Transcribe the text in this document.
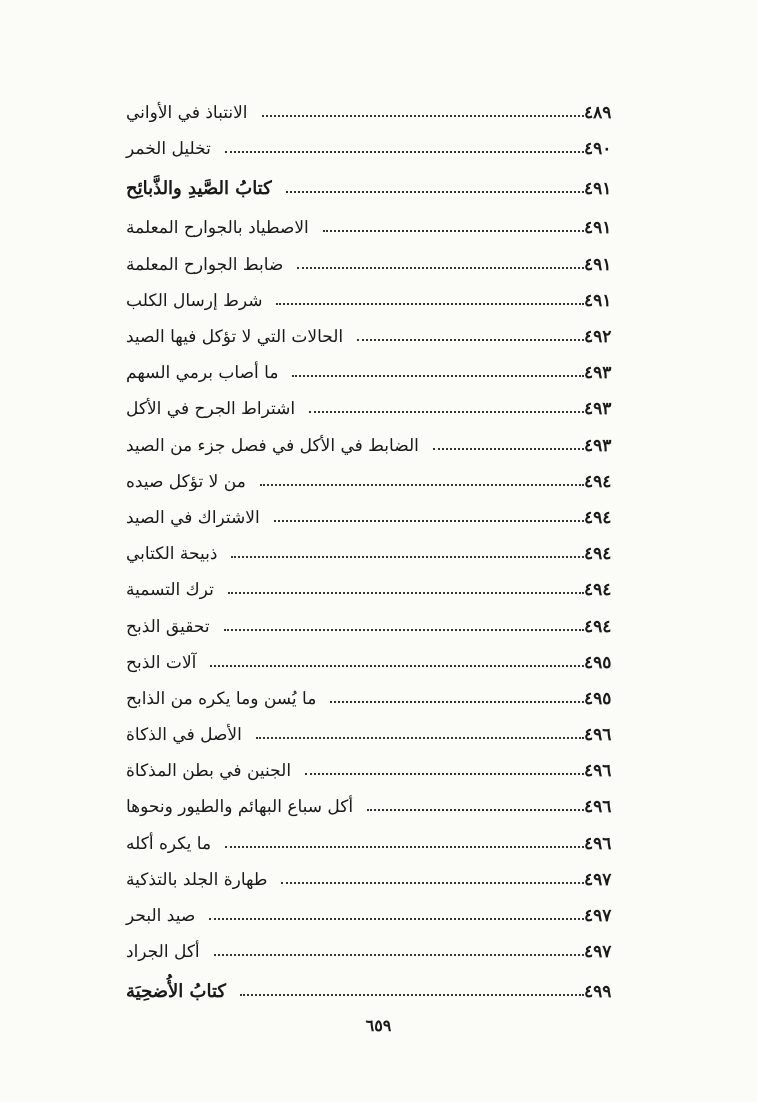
الانتباذ في الأواني	٤٨٩
تخليل الخمر	٤٩٠
كتابُ الصَّيدِ والذَّبائِح	٤٩١
الاصطياد بالجوارح المعلمة	٤٩١
ضابط الجوارح المعلمة	٤٩١
شرط إرسال الكلب	٤٩١
الحالات التي لا تؤكل فيها الصيد	٤٩٢
ما أصاب برمي السهم	٤٩٣
اشتراط الجرح في الأكل	٤٩٣
الضابط في الأكل في فصل جزء من الصيد	٤٩٣
من لا تؤكل صيده	٤٩٤
الاشتراك في الصيد	٤٩٤
ذبيحة الكتابي	٤٩٤
ترك التسمية	٤٩٤
تحقيق الذبح	٤٩٤
آلات الذبح	٤٩٥
ما يُسن وما يكره من الذابح	٤٩٥
الأصل في الذكاة	٤٩٦
الجنين في بطن المذكاة	٤٩٦
أكل سباع البهائم والطيور ونحوها	٤٩٦
ما يكره أكله	٤٩٦
طهارة الجلد بالتذكية	٤٩٧
صيد البحر	٤٩٧
أكل الجراد	٤٩٧
كتابُ الأُضحِيَة	٤٩٩
٦٥٩
